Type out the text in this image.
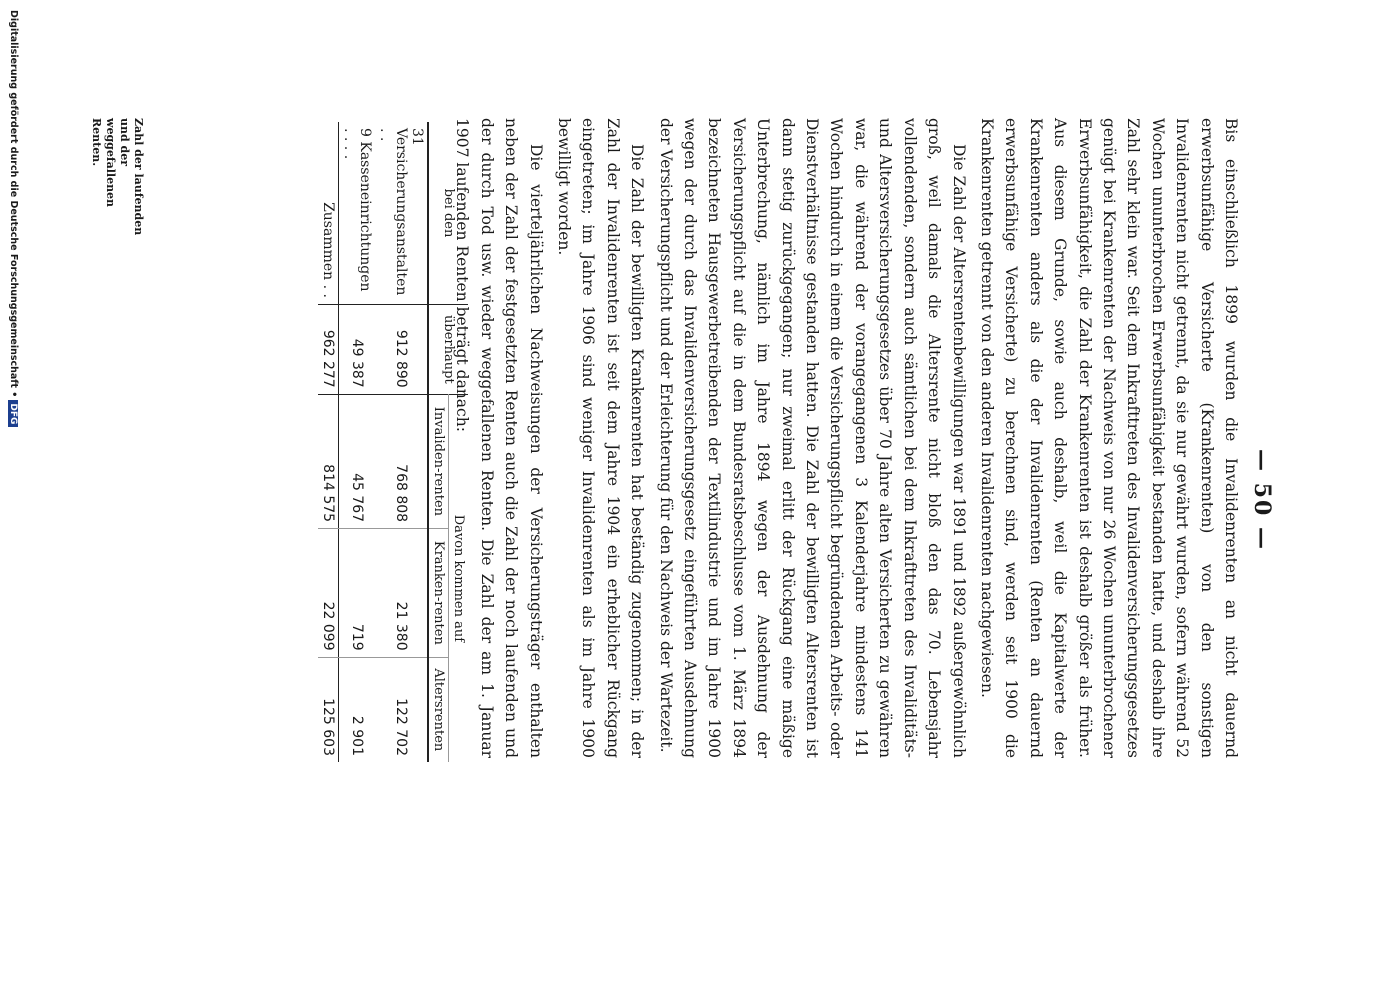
— 50 —

Bis einschließlich 1899 wurden die Invalidenrenten an nicht dauernd erwerbsunfähige Versicherte (Krankenrenten) von den sonstigen Invalidenrenten nicht getrennt, da sie nur gewährt wurden, sofern während 52 Wochen ununterbrochen Erwerbsunfähigkeit bestanden hatte, und deshalb ihre Zahl sehr klein war. Seit dem Inkrafttreten des Invalidenversicherungsgesetzes genügt bei Krankenrenten der Nachweis von nur 26 Wochen ununterbrochener Erwerbsunfähigkeit, die Zahl der Krankenrenten ist deshalb größer als früher. Aus diesem Grunde, sowie auch deshalb, weil die Kapitalwerte der Krankenrenten anders als die der Invalidenrenten (Renten an dauernd erwerbsunfähige Versicherte) zu berechnen sind, werden seit 1900 die Krankenrenten getrennt von den anderen Invalidenrenten nachgewiesen.

Die Zahl der Altersrentenbewilligungen war 1891 und 1892 außergewöhnlich groß, weil damals die Altersrente nicht bloß den das 70. Lebensjahr vollendenden, sondern auch sämtlichen bei dem Inkrafttreten des Invaliditäts- und Altersversicherungsgesetzes über 70 Jahre alten Versicherten zu gewähren war, die während der vorangegangenen 3 Kalenderjahre mindestens 141 Wochen hindurch in einem die Versicherungspflicht begründenden Arbeits- oder Dienstverhältnisse gestanden hatten. Die Zahl der bewilligten Altersrenten ist dann stetig zurückgegangen; nur zweimal erlitt der Rückgang eine mäßige Unterbrechung, nämlich im Jahre 1894 wegen der Ausdehnung der Versicherungspflicht auf die in dem Bundesratsbeschlusse vom 1. März 1894 bezeichneten Hausgewerbetreibenden der Textilindustrie und im Jahre 1900 wegen der durch das Invalidenversicherungsgesetz eingeführten Ausdehnung der Versicherungspflicht und der Erleichterung für den Nachweis der Wartezeit.

Die Zahl der bewilligten Krankenrenten hat beständig zugenommen; in der Zahl der Invalidenrenten ist seit dem Jahre 1904 ein erheblicher Rückgang eingetreten; im Jahre 1906 sind weniger Invalidenrenten als im Jahre 1900 bewilligt worden.

Die vierteljährlichen Nachweisungen der Versicherungsträger enthalten neben der Zahl der festgesetzten Renten auch die Zahl der noch laufenden und der durch Tod usw. wieder weggefallenen Renten. Die Zahl der am 1. Januar 1907 laufenden Renten beträgt danach:

bei den	überhaupt	Davon kommen auf		
		Invaliden-renten	Kranken-renten	Altersrenten
31 Versicherungsanstalten . .	912 890	768 808	21 380	122 702
9 Kasseneinrichtungen . . . .	49 387	45 767	719	2 901
Zusammen . .	962 277	814 575	22 099	125 603
Zahl der laufenden und der weggefallenen Renten.
Digitalisierung gefördert durch die Deutsche Forschungsgemeinschaft •DFG
